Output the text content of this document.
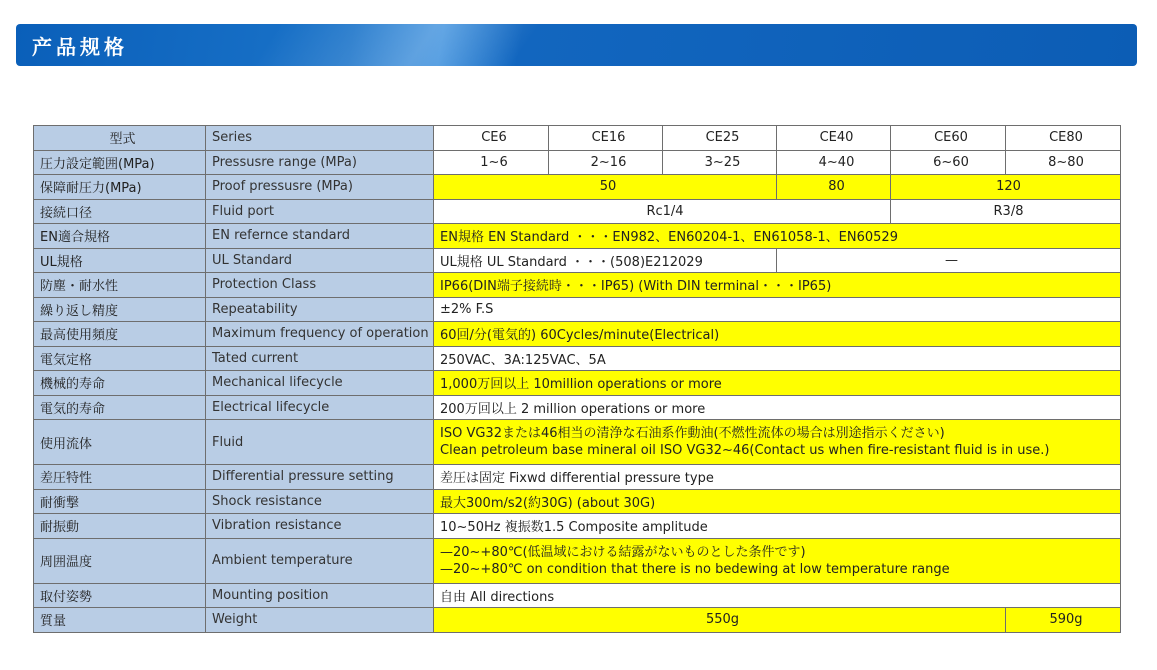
产品规格
型式	Series	CE6	CE16	CE25	CE40	CE60	CE80
圧力設定範囲(MPa)	Pressusre range (MPa)	1~6	2~16	3~25	4~40	6~60	8~80
保障耐圧力(MPa)	Proof pressusre (MPa)	50			80	120	
接続口径	Fluid port	Rc1/4				R3/8	
EN適合規格	EN refernce standard	EN規格 EN Standard ・・・EN982、EN60204-1、EN61058-1、EN60529					
UL規格	UL Standard	UL規格 UL Standard ・・・(508)E212029			—		
防塵・耐水性	Protection Class	IP66(DIN端子接続時・・・IP65) (With DIN terminal・・・IP65)					
繰り返し精度	Repeatability	±2% F.S					
最高使用頻度	Maximum frequency of operation	60回/分(電気的) 60Cycles/minute(Electrical)					
電気定格	Tated current	250VAC、3A:125VAC、5A					
機械的寿命	Mechanical lifecycle	1,000万回以上 10million operations or more					
電気的寿命	Electrical lifecycle	200万回以上 2 million operations or more					
使用流体	Fluid	ISO VG32または46相当の清浄な石油系作動油(不燃性流体の場合は別途指示ください)
Clean petroleum base mineral oil ISO VG32~46(Contact us when fire-resistant fluid is in use.)					

差圧特性	Differential pressure setting	差圧は固定 Fixwd differential pressure type					
耐衝撃	Shock resistance	最大300m/s2(約30G) (about 30G)					
耐振動	Vibration resistance	10~50Hz 複振数1.5 Composite amplitude					
周囲温度	Ambient temperature	—20~+80℃(低温域における結露がないものとした条件です)
—20~+80℃ on condition that there is no bedewing at low temperature range					

取付姿勢	Mounting position	自由 All directions					
質量	Weight	550g					590g
